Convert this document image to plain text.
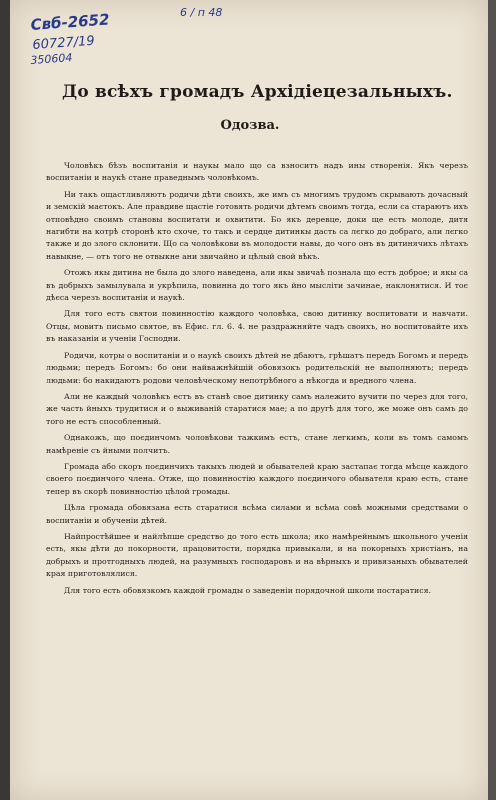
Свб-2652
60727/19
350604
6 / п 48
До всѣхъ громадъ Архідіецезальныхъ.
Одозва.

Чоловѣкъ бѣзъ воспитанія и наукы мало що са взноситъ надъ ины створенія. Якъ черезъ воспитаніи и наукѣ стане праведнымъ чоловѣкомъ.

Ни такъ ощастливляютъ родичи дѣти своихъ, же имъ съ многимъ трудомъ скрывають дочасный и земскій маєтокъ. Але правдиве щастіе готовять родичи дѣтемъ своимъ тогда, если са стараютъ ихъ отповѣдно своимъ становы воспитати и охвитити. Бо якъ деревце, доки ще есть молоде, дитя нагибти на котрѣ сторонѣ кто схоче, то такъ и сердце дитинкы дасть са лєгко до добраго, али лєгко также и до злого склонити. Що са чоловѣкови въ молодости навы, до чого онъ въ дитинячихъ лѣтахъ навыкне, — отъ того не отвыкне ани звичайно и цѣлый свой вѣкъ.

Отожъ якы дитина не была до злого наведена, али якы звичаѣ познала що естъ доброе; и якы са въ добрыхъ замылувала и укрѣпила, повинна до того якъ йно мысліти зачинае, наклонятися. И тоє дѣєса черезъ воспитаніи и наукѣ.

Для того естъ святои повинностію каждого чоловѣка, свою дитинку воспитовати и навчати. Отцы, мовитъ письмо святое, въ Ефис. гл. 6. 4. не раздражняйте чадъ своихъ, но воспитовайте ихъ въ наказаніи и ученіи Господни.

Родичи, котры о воспитаніи и о наукѣ своихъ дѣтей не дбаютъ, грѣшатъ передъ Богомъ и передъ людьми; передъ Богомъ: бо они найважнѣйшій обовязокъ родительскій не выполняютъ; передъ людьми: бо накидаютъ родови человѣческому непотрѣбного а нѣкогда и вредного члена.

Али не каждый чоловѣкъ естъ въ станѣ свое дитинку самъ належито вучити по через для того, же часть йныхъ трудитися и о выживаній старатися мае; а по другѣ для того, же може онъ самъ до того не естъ способленный.

Однакожъ, що поєдинчомъ чоловѣкови тажкимъ естъ, стане легкимъ, коли въ томъ самомъ намѣреніе съ йными полчитъ.

Громада або скоръ поєдинчихъ такыхъ людей и обывателей краю застапає тогда мѣсце каждого своего поєдинчого члена. Отже, що повинностію каждого поєдинчого обывателя краю есть, стане тепер въ скорѣ повинностію цѣлой громады.

Цѣла громада обовязана есть старатися всѣма силами и всѣма совѣ можными средствами о воспитаніи и обученіи дѣтей.

Найпростѣйшее и найлѣпше средство до того есть школа; яко намѣрейнымъ школьного ученія есть, якы дѣти до покорности, працовитости, порядка привыкали, и на покорныхъ христіанъ, на добрыхъ и протгодныхъ людей, на разумныхъ господаровъ и на вѣрныхъ и привязаныхъ обывателей края приготовлялися.

Для того есть обовязкомъ каждой громады о заведеніи порядочной школи постаратися.
